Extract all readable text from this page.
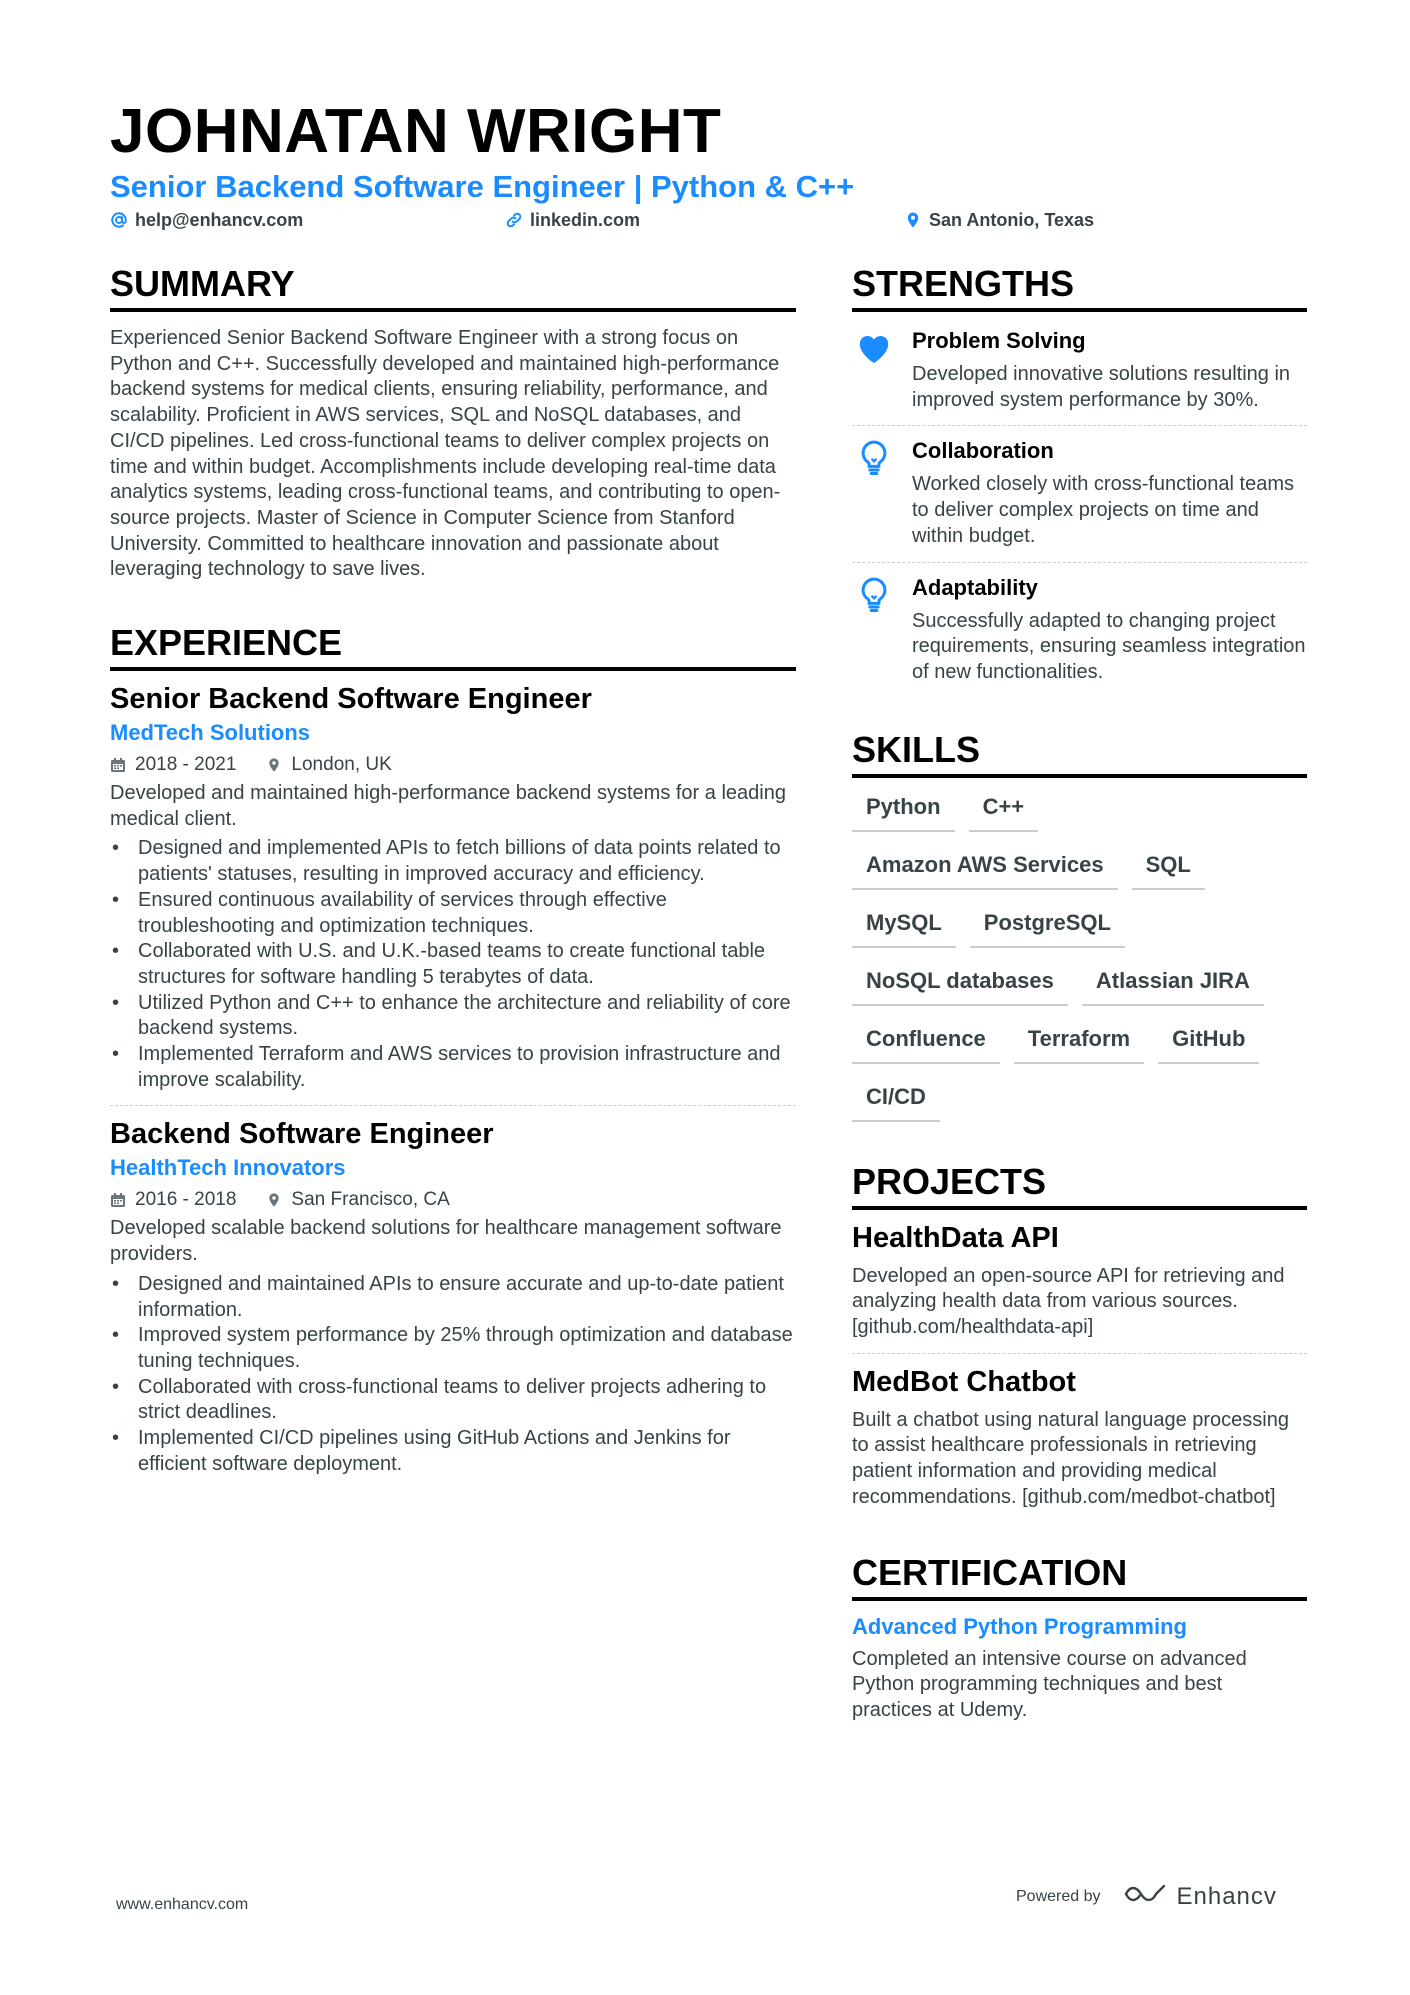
JOHNATAN WRIGHT
Senior Backend Software Engineer | Python & C++
help@enhancv.com	linkedin.com	San Antonio, Texas
SUMMARY
Experienced Senior Backend Software Engineer with a strong focus on Python and C++. Successfully developed and maintained high-performance backend systems for medical clients, ensuring reliability, performance, and scalability. Proficient in AWS services, SQL and NoSQL databases, and CI/CD pipelines. Led cross-functional teams to deliver complex projects on time and within budget. Accomplishments include developing real-time data analytics systems, leading cross-functional teams, and contributing to open-source projects. Master of Science in Computer Science from Stanford University. Committed to healthcare innovation and passionate about leveraging technology to save lives.
EXPERIENCE
Senior Backend Software Engineer
MedTech Solutions
2018 - 2021	London, UK
Developed and maintained high-performance backend systems for a leading medical client.
• Designed and implemented APIs to fetch billions of data points related to patients' statuses, resulting in improved accuracy and efficiency.
• Ensured continuous availability of services through effective troubleshooting and optimization techniques.
• Collaborated with U.S. and U.K.-based teams to create functional table structures for software handling 5 terabytes of data.
• Utilized Python and C++ to enhance the architecture and reliability of core backend systems.
• Implemented Terraform and AWS services to provision infrastructure and improve scalability.
Backend Software Engineer
HealthTech Innovators
2016 - 2018	San Francisco, CA
Developed scalable backend solutions for healthcare management software providers.
• Designed and maintained APIs to ensure accurate and up-to-date patient information.
• Improved system performance by 25% through optimization and database tuning techniques.
• Collaborated with cross-functional teams to deliver projects adhering to strict deadlines.
• Implemented CI/CD pipelines using GitHub Actions and Jenkins for efficient software deployment.
STRENGTHS
Problem Solving
Developed innovative solutions resulting in improved system performance by 30%.
Collaboration
Worked closely with cross-functional teams to deliver complex projects on time and within budget.
Adaptability
Successfully adapted to changing project requirements, ensuring seamless integration of new functionalities.
SKILLS
Python	C++
Amazon AWS Services	SQL
MySQL	PostgreSQL
NoSQL databases	Atlassian JIRA
Confluence	Terraform	GitHub
CI/CD
PROJECTS
HealthData API
Developed an open-source API for retrieving and analyzing health data from various sources. [github.com/healthdata-api]
MedBot Chatbot
Built a chatbot using natural language processing to assist healthcare professionals in retrieving patient information and providing medical recommendations. [github.com/medbot-chatbot]
CERTIFICATION
Advanced Python Programming
Completed an intensive course on advanced Python programming techniques and best practices at Udemy.
www.enhancv.com	Powered by	Enhancv
